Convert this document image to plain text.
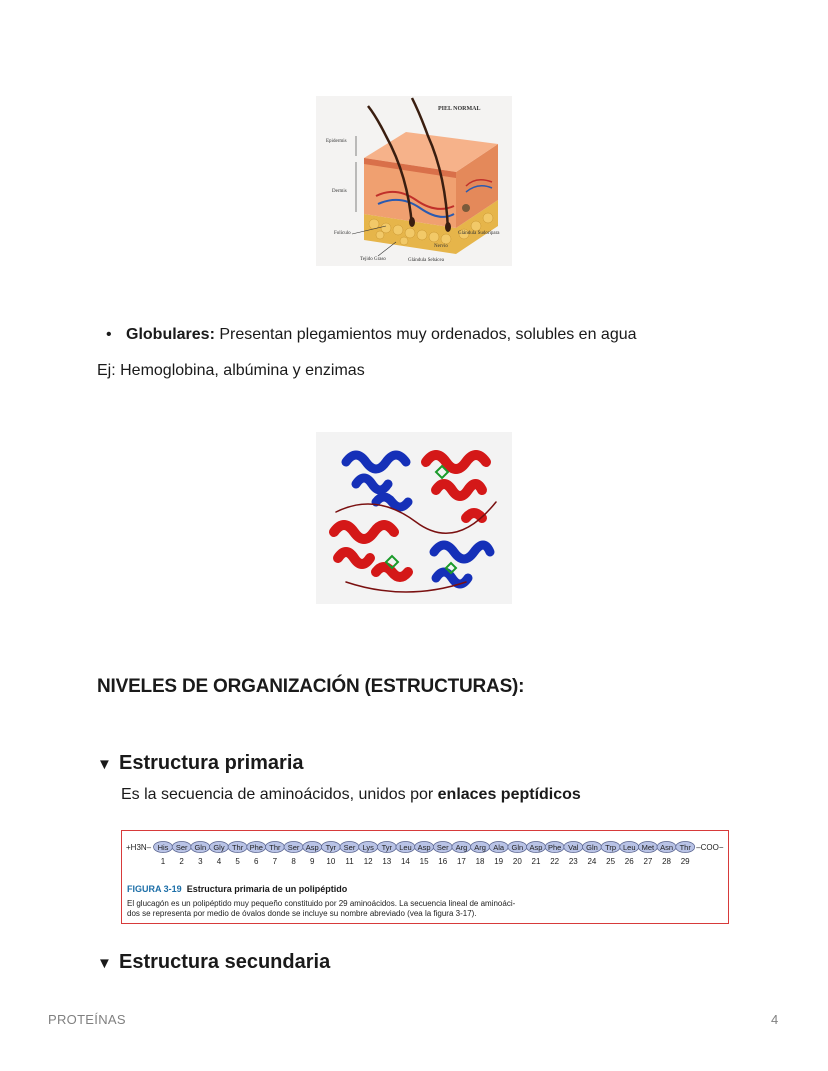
PIEL NORMAL
Epidermis
Dermis
Folículo
Tejido Graso
Glándula Sudorípara
Nervio
Glándula Sebácea
• Globulares: Presentan plegamientos muy ordenados, solubles en agua
Ej: Hemoglobina, albúmina y enzimas
NIVELES DE ORGANIZACIÓN (ESTRUCTURAS):
▼ Estructura primaria
Es la secuencia de aminoácidos, unidos por enlaces peptídicos
+H3N– His
1
Ser
2
Gln
3
Gly
4
Thr
5
Phe
6
Thr
7
Ser
8
Asp
9
Tyr
10
Ser
11
Lys
12
Tyr
13
Leu
14
Asp
15
Ser
16
Arg
17
Arg
18
Ala
19
Gln
20
Asp
21
Phe
22
Val
23
Gln
24
Trp
25
Leu
26
Met
27
Asn
28
Thr
29
–COO−
FIGURA 3-19 Estructura primaria de un polipéptido
El glucagón es un polipéptido muy pequeño constituido por 29 aminoácidos. La secuencia lineal de aminoáci-
dos se representa por medio de óvalos donde se incluye su nombre abreviado (vea la figura 3-17).
▼ Estructura secundaria
PROTEÍNAS	4
